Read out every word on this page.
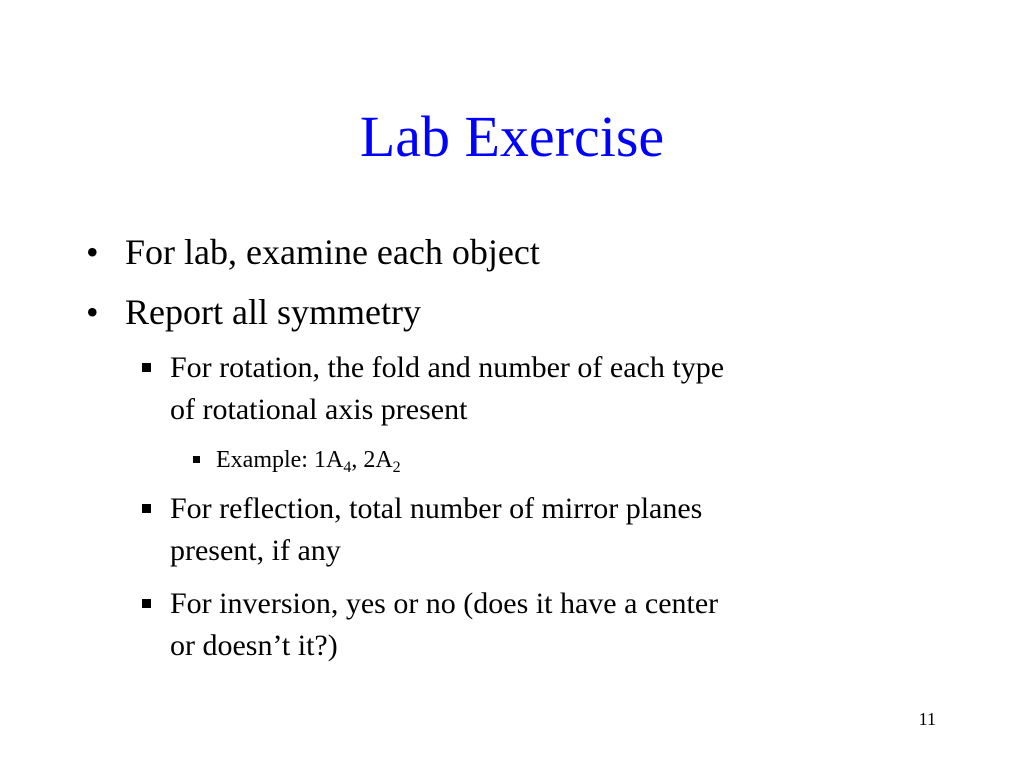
Lab Exercise
• For lab, examine each object
• Report all symmetry
For rotation, the fold and number of each type
of rotational axis present
Example: $1A_4$, $2A_2$
For reflection, total number of mirror planes
present, if any
For inversion, yes or no (does it have a center
or doesn’t it?)
11
